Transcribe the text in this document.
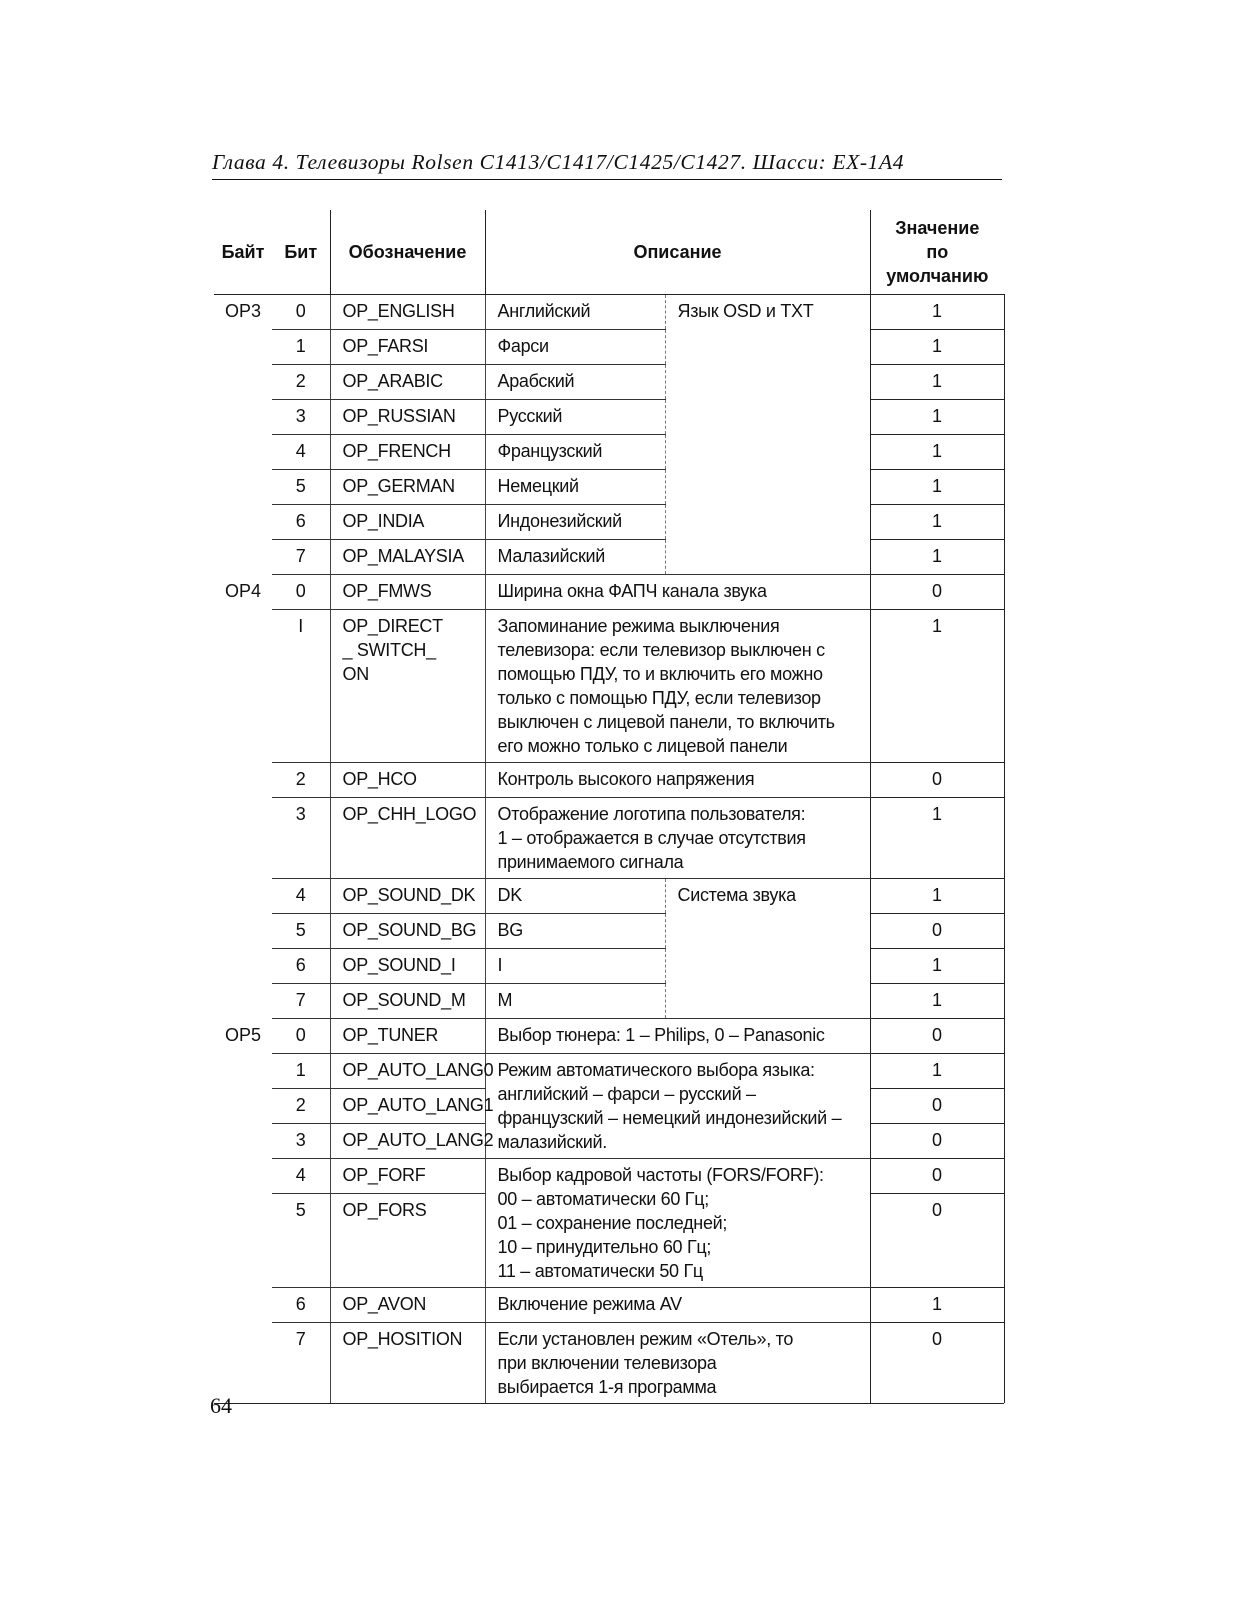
Глава 4. Телевизоры Rolsen C1413/C1417/C1425/C1427. Шасси: EX-1A4
Байт	Бит	Обозначение	Описание		Значение
по
умолчанию
OP3	0	OP_ENGLISH	Английский	Язык OSD и TXT	1
	1	OP_FARSI	Фарси		1
	2	OP_ARABIC	Арабский		1
	3	OP_RUSSIAN	Русский		1
	4	OP_FRENCH	Французский		1
	5	OP_GERMAN	Немецкий		1
	6	OP_INDIA	Индонезийский		1
	7	OP_MALAYSIA	Малазийский		1
OP4	0	OP_FMWS	Ширина окна ФАПЧ канала звука		0
	I	OP_DIRECT_ SWITCH_ON	Запоминание режима выключения телевизора: если телевизор выключен с помощью ПДУ, то и включить его можно только с помощью ПДУ, если телевизор выключен с лицевой панели, то включить его можно только с лицевой панели		1
	2	OP_HCO	Контроль высокого напряжения		0
	3	OP_CHH_LOGO	Отображение логотипа пользователя: 1 – отображается в случае отсутствия принимаемого сигнала		1
	4	OP_SOUND_DK	DK	Система звука	1
	5	OP_SOUND_BG	BG		0
	6	OP_SOUND_I	I		1
	7	OP_SOUND_M	M		1
OP5	0	OP_TUNER	Выбор тюнера: 1 – Philips, 0 – Panasonic		0
	1	OP_AUTO_LANG0	Режим автоматического выбора языка: английский – фарси – русский – французский – немецкий индонезийский – малазийский.		1
	2	OP_AUTO_LANG1			0
	3	OP_AUTO_LANG2			0
	4	OP_FORF	Выбор кадровой частоты (FORS/FORF):
00 – автоматически 60 Гц;
01 – сохранение последней;
10 – принудительно 60 Гц;
11 – автоматически 50 Гц		0
	5	OP_FORS			0

	6	OP_AVON	Включение режима AV		1
	7	OP_HOSITION	Если установлен режим «Отель», то при включении телевизора выбирается 1-я программа		0
64
